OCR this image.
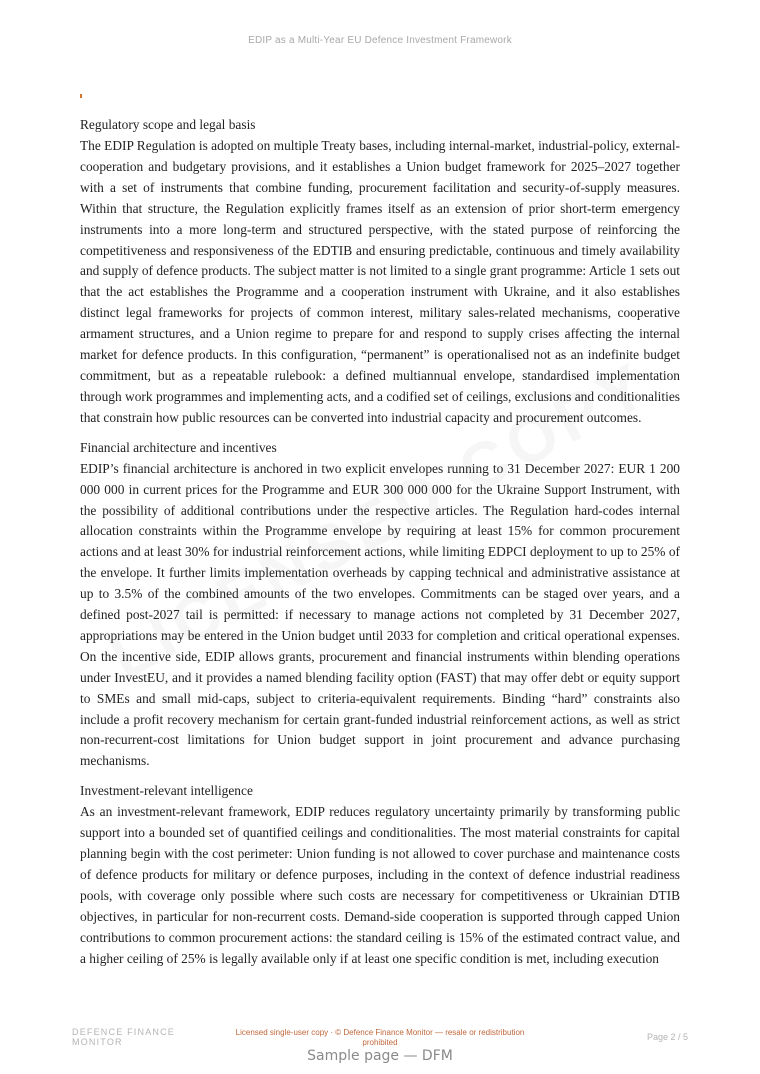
EDIP as a Multi-Year EU Defence Investment Framework
Regulatory scope and legal basis

The EDIP Regulation is adopted on multiple Treaty bases, including internal-market, industrial-policy, external-cooperation and budgetary provisions, and it establishes a Union budget framework for 2025–2027 together with a set of instruments that combine funding, procurement facilitation and security-of-supply measures. Within that structure, the Regulation explicitly frames itself as an extension of prior short-term emergency instruments into a more long-term and structured perspective, with the stated purpose of reinforcing the competitiveness and responsiveness of the EDTIB and ensuring predictable, continuous and timely availability and supply of defence products. The subject matter is not limited to a single grant programme: Article 1 sets out that the act establishes the Programme and a cooperation instrument with Ukraine, and it also establishes distinct legal frameworks for projects of common interest, military sales-related mechanisms, cooperative armament structures, and a Union regime to prepare for and respond to supply crises affecting the internal market for defence products. In this configuration, “permanent” is operationalised not as an indefinite budget commitment, but as a repeatable rulebook: a defined multiannual envelope, standardised implementation through work programmes and implementing acts, and a codified set of ceilings, exclusions and conditionalities that constrain how public resources can be converted into industrial capacity and procurement outcomes.

Financial architecture and incentives

EDIP’s financial architecture is anchored in two explicit envelopes running to 31 December 2027: EUR 1 200 000 000 in current prices for the Programme and EUR 300 000 000 for the Ukraine Support Instrument, with the possibility of additional contributions under the respective articles. The Regulation hard-codes internal allocation constraints within the Programme envelope by requiring at least 15% for common procurement actions and at least 30% for industrial reinforcement actions, while limiting EDPCI deployment to up to 25% of the envelope. It further limits implementation overheads by capping technical and administrative assistance at up to 3.5% of the combined amounts of the two envelopes. Commitments can be staged over years, and a defined post-2027 tail is permitted: if necessary to manage actions not completed by 31 December 2027, appropriations may be entered in the Union budget until 2033 for completion and critical operational expenses. On the incentive side, EDIP allows grants, procurement and financial instruments within blending operations under InvestEU, and it provides a named blending facility option (FAST) that may offer debt or equity support to SMEs and small mid-caps, subject to criteria-equivalent requirements. Binding “hard” constraints also include a profit recovery mechanism for certain grant-funded industrial reinforcement actions, as well as strict non-recurrent-cost limitations for Union budget support in joint procurement and advance purchasing mechanisms.

Investment-relevant intelligence

As an investment-relevant framework, EDIP reduces regulatory uncertainty primarily by transforming public support into a bounded set of quantified ceilings and conditionalities. The most material constraints for capital planning begin with the cost perimeter: Union funding is not allowed to cover purchase and maintenance costs of defence products for military or defence purposes, including in the context of defence industrial readiness pools, with coverage only possible where such costs are necessary for competitiveness or Ukrainian DTIB objectives, in particular for non-recurrent costs. Demand-side cooperation is supported through capped Union contributions to common procurement actions: the standard ceiling is 15% of the estimated contract value, and a higher ceiling of 25% is legally available only if at least one specific condition is met, including execution

DEFENCE FINANCE
MONITOR
Licensed single-user copy · © Defence Finance Monitor — resale or redistribution
prohibited
Page 2 / 5
Sample page — DFM
